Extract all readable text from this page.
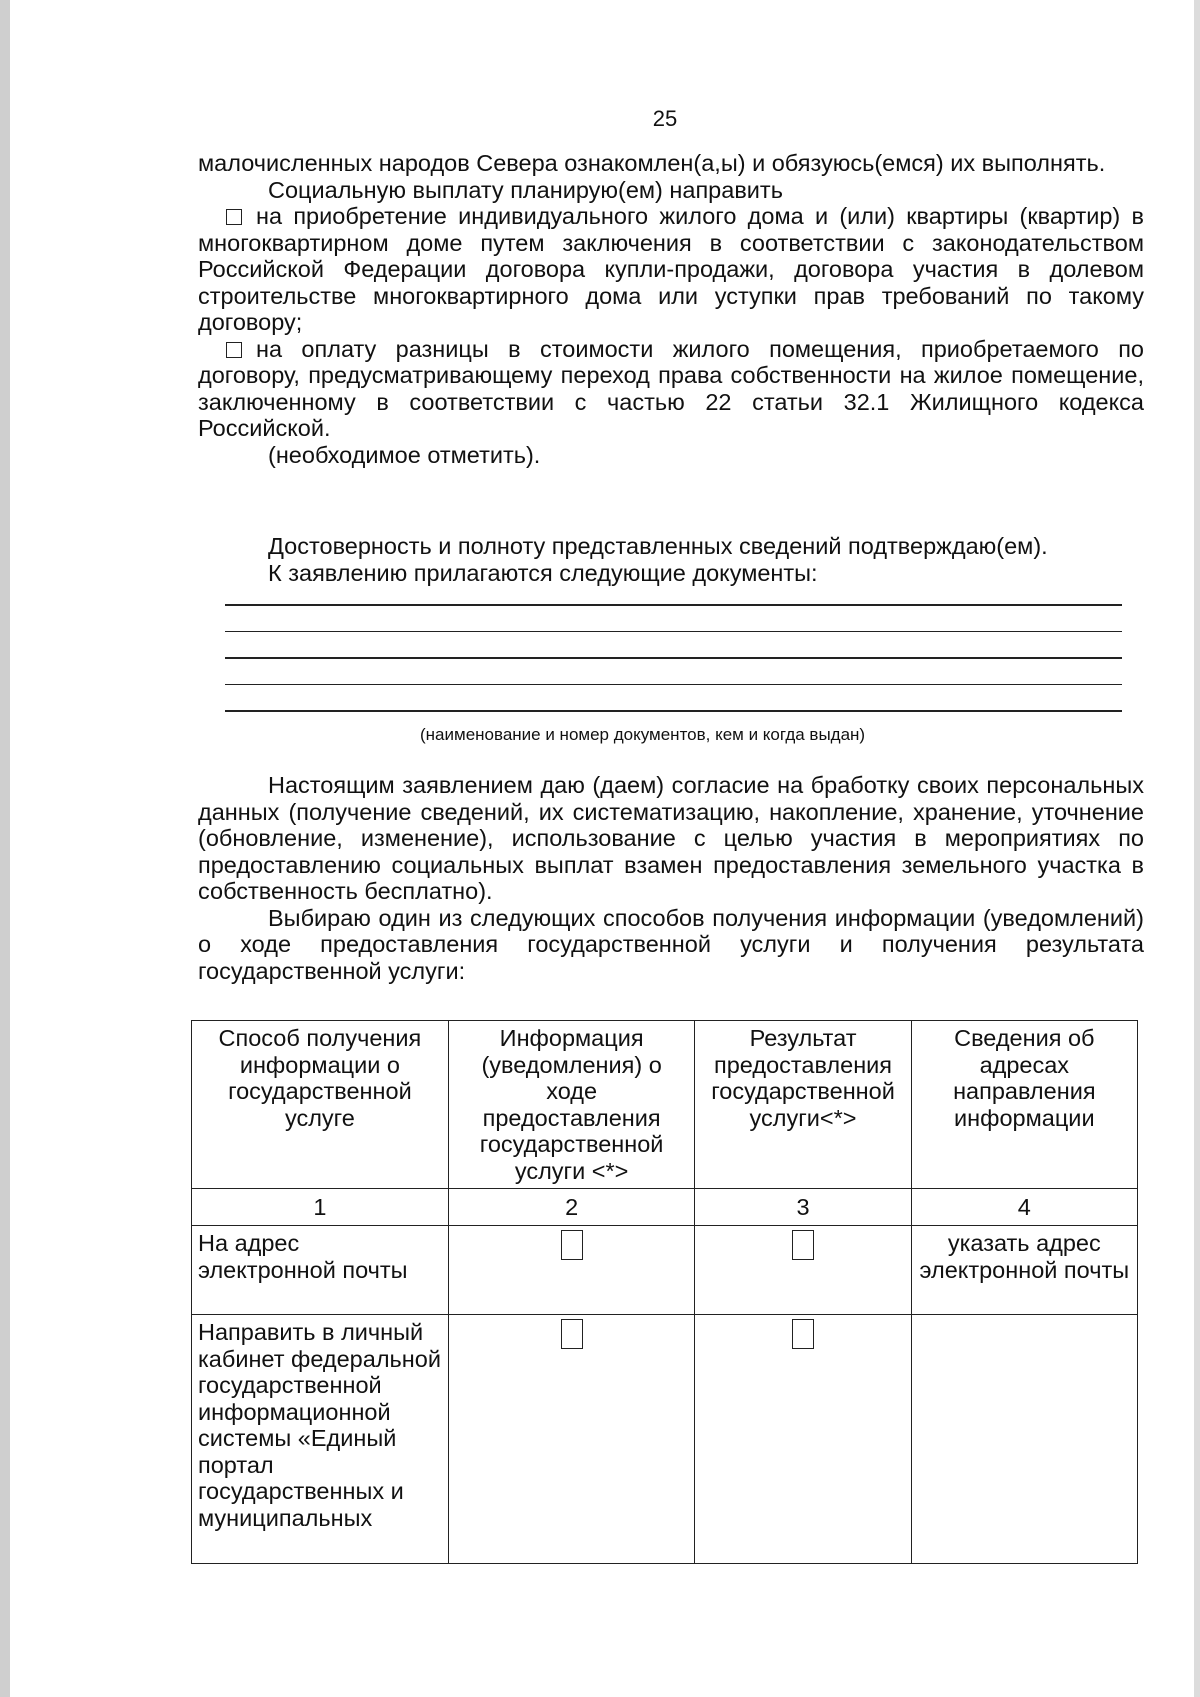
25

малочисленных народов Севера ознакомлен(а,ы) и обязуюсь(емся) их выполнять.

Социальную выплату планирую(ем) направить

на приобретение индивидуального жилого дома и (или) квартиры (квартир) в многоквартирном доме путем заключения в соответствии с законодательством Российской Федерации договора купли-продажи, договора участия в долевом строительстве многоквартирного дома или уступки прав требований по такому договору;

на оплату разницы в стоимости жилого помещения, приобретаемого по договору, предусматривающему переход права собственности на жилое помещение, заключенному в соответствии с частью 22 статьи 32.1 Жилищного кодекса Российской.

(необходимое отметить).

Достоверность и полноту представленных сведений подтверждаю(ем).

К заявлению прилагаются следующие документы:

(наименование и номер документов, кем и когда выдан)

Настоящим заявлением даю (даем) согласие на бработку своих персональных данных (получение сведений, их систематизацию, накопление, хранение, уточнение (обновление, изменение), использование с целью участия в мероприятиях по предоставлению социальных выплат взамен предоставления земельного участка в собственность бесплатно).

Выбираю один из следующих способов получения информации (уведомлений) о ходе предоставления государственной услуги и получения результата государственной услуги:

Способ получения информации о государственной услуге	Информация (уведомления) о ходе предоставления государственной услуги <*>	Результат предоставления государственной услуги<*>	Сведения об адресах направления информации
1	2	3	4
На адрес электронной почты			указать адрес электронной почты
Направить в личный кабинет федеральной государственной информационной системы «Единый портал государственных и муниципальных			
